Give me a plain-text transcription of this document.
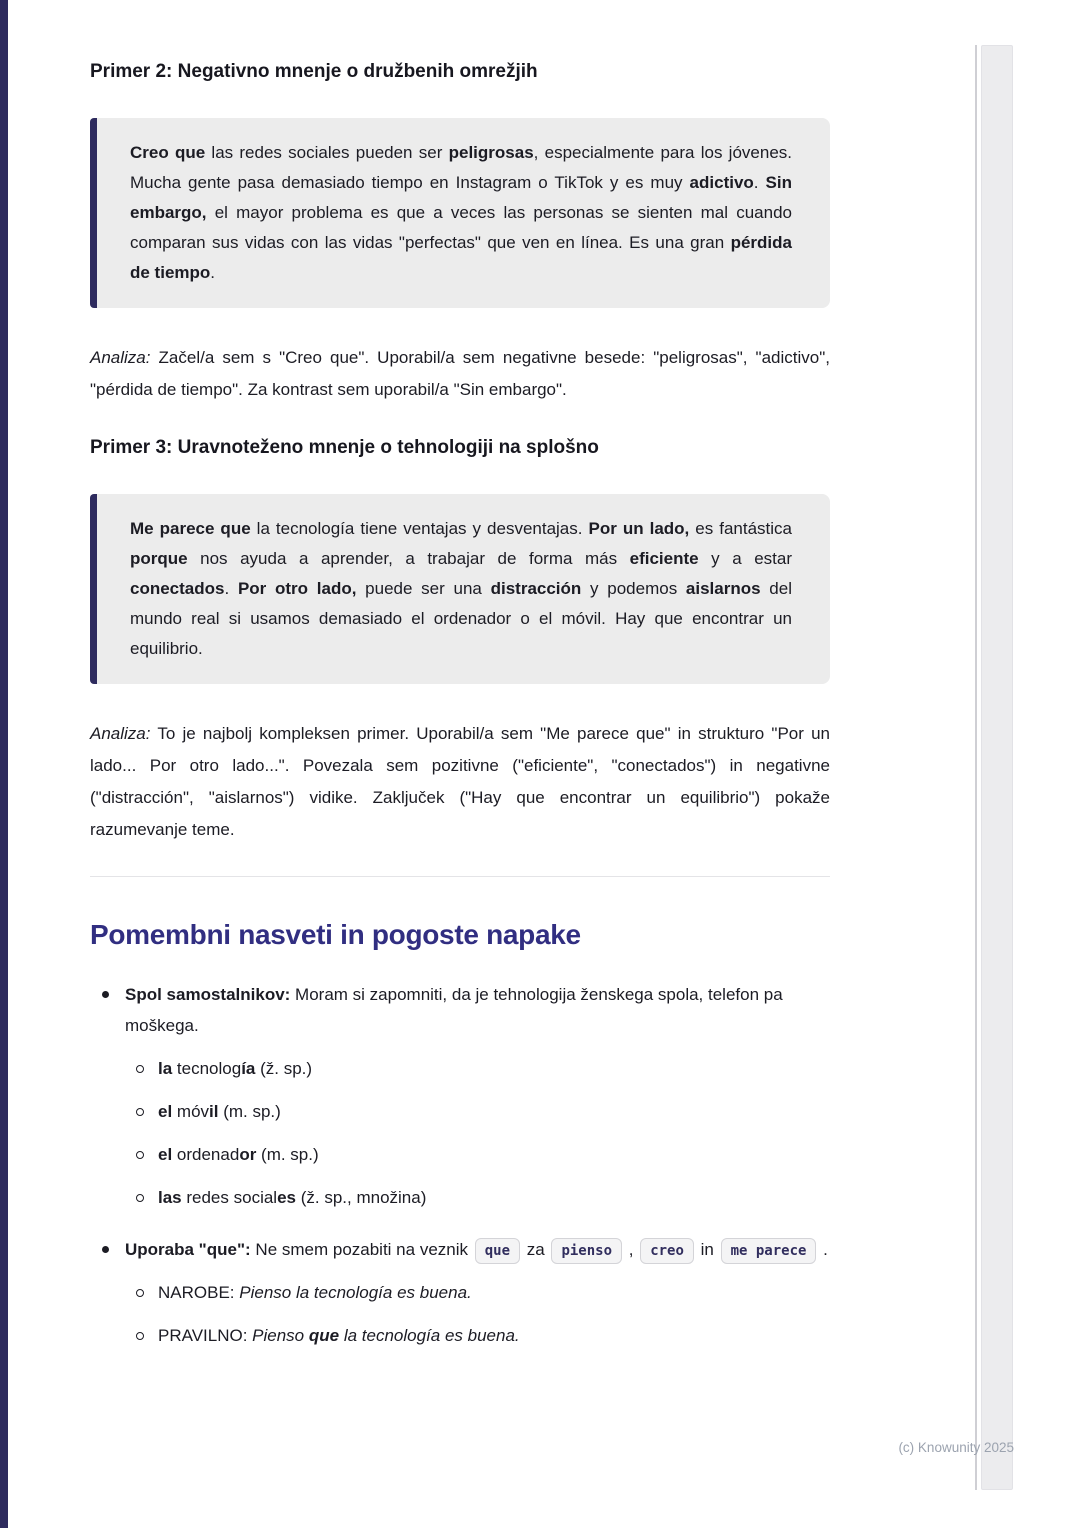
Primer 2: Negativno mnenje o družbenih omrežjih

Creo que las redes sociales pueden ser peligrosas, especialmente para los jóvenes. Mucha gente pasa demasiado tiempo en Instagram o TikTok y es muy adictivo. Sin embargo, el mayor problema es que a veces las personas se sienten mal cuando comparan sus vidas con las vidas "perfectas" que ven en línea. Es una gran pérdida de tiempo.

Analiza: Začel/a sem s "Creo que". Uporabil/a sem negativne besede: "peligrosas", "adictivo", "pérdida de tiempo". Za kontrast sem uporabil/a "Sin embargo".

Primer 3: Uravnoteženo mnenje o tehnologiji na splošno

Me parece que la tecnología tiene ventajas y desventajas. Por un lado, es fantástica porque nos ayuda a aprender, a trabajar de forma más eficiente y a estar conectados. Por otro lado, puede ser una distracción y podemos aislarnos del mundo real si usamos demasiado el ordenador o el móvil. Hay que encontrar un equilibrio.

Analiza: To je najbolj kompleksen primer. Uporabil/a sem "Me parece que" in strukturo "Por un lado... Por otro lado...". Povezala sem pozitivne ("eficiente", "conectados") in negativne ("distracción", "aislarnos") vidike. Zaključek ("Hay que encontrar un equilibrio") pokaže razumevanje teme.

Pomembni nasveti in pogoste napake
Spol samostalnikov: Moram si zapomniti, da je tehnologija ženskega spola, telefon pa moškega.
la tecnología (ž. sp.)
el móvil (m. sp.)
el ordenador (m. sp.)
las redes sociales (ž. sp., množina)
Uporaba "que": Ne smem pozabiti na veznik que za pienso , creo in me parece .
NAROBE: Pienso la tecnología es buena.
PRAVILNO: Pienso que la tecnología es buena.
(c) Knowunity 2025
